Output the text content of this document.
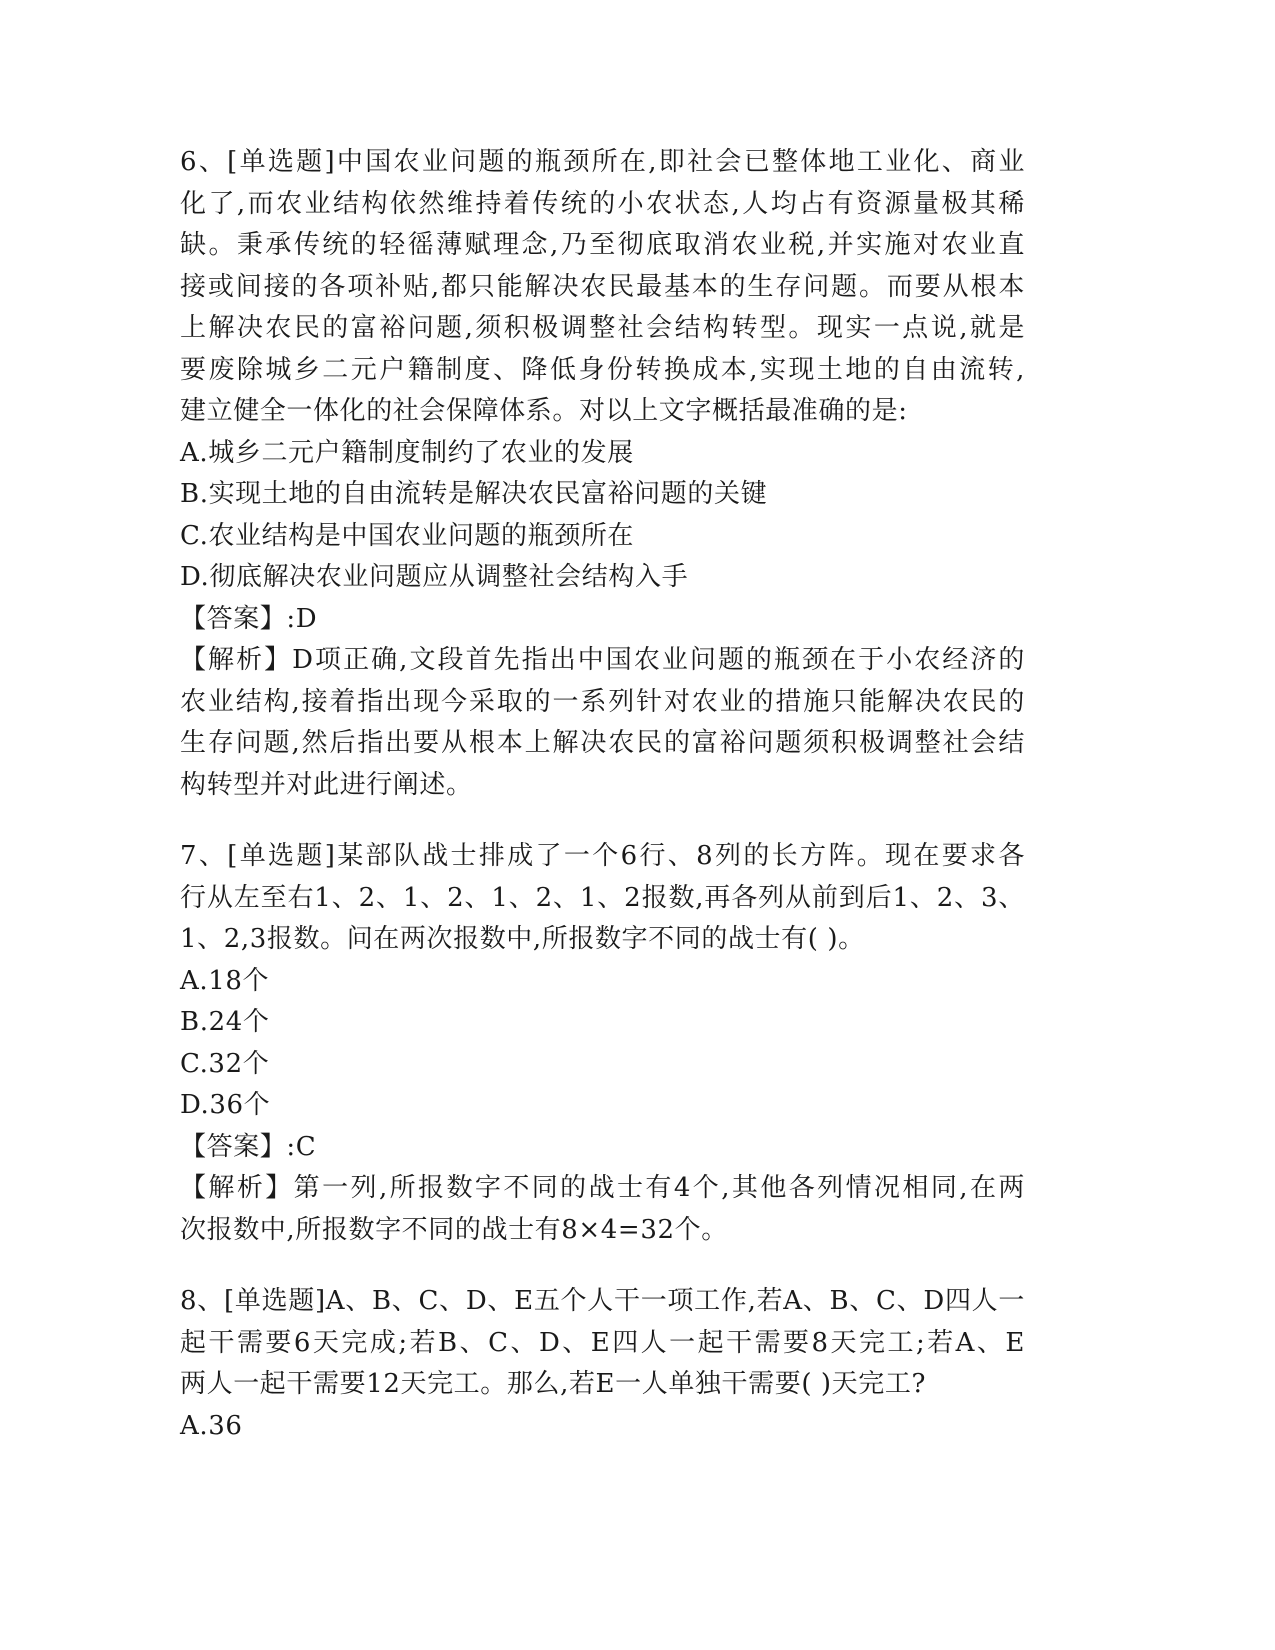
6、[单选题]中国农业问题的瓶颈所在,即社会已整体地工业化、商业
化了,而农业结构依然维持着传统的小农状态,人均占有资源量极其稀
缺。秉承传统的轻徭薄赋理念,乃至彻底取消农业税,并实施对农业直
接或间接的各项补贴,都只能解决农民最基本的生存问题。而要从根本
上解决农民的富裕问题,须积极调整社会结构转型。现实一点说,就是
要废除城乡二元户籍制度、降低身份转换成本,实现土地的自由流转,
建立健全一体化的社会保障体系。对以上文字概括最准确的是:
A.城乡二元户籍制度制约了农业的发展
B.实现土地的自由流转是解决农民富裕问题的关键
C.农业结构是中国农业问题的瓶颈所在
D.彻底解决农业问题应从调整社会结构入手
【答案】:D
【解析】D项正确,文段首先指出中国农业问题的瓶颈在于小农经济的
农业结构,接着指出现今采取的一系列针对农业的措施只能解决农民的
生存问题,然后指出要从根本上解决农民的富裕问题须积极调整社会结
构转型并对此进行阐述。
7、[单选题]某部队战士排成了一个6行、8列的长方阵。现在要求各
行从左至右1、2、1、2、1、2、1、2报数,再各列从前到后1、2、3、
1、2,3报数。问在两次报数中,所报数字不同的战士有( )。
A.18个
B.24个
C.32个
D.36个
【答案】:C
【解析】第一列,所报数字不同的战士有4个,其他各列情况相同,在两
次报数中,所报数字不同的战士有8×4=32个。
8、[单选题]A、B、C、D、E五个人干一项工作,若A、B、C、D四人一
起干需要6天完成;若B、C、D、E四人一起干需要8天完工;若A、E
两人一起干需要12天完工。那么,若E一人单独干需要( )天完工?
A.36
